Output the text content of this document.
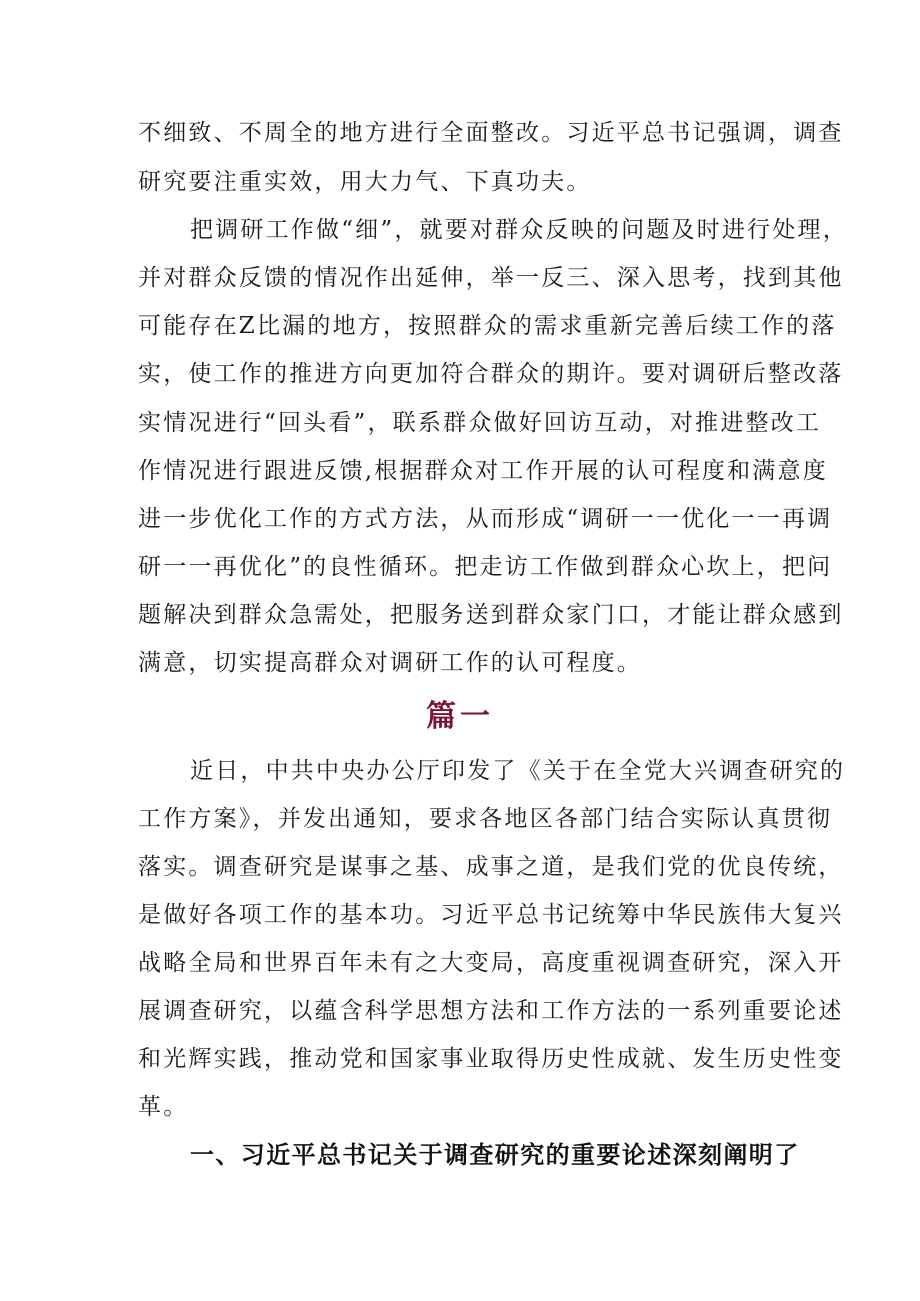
不细致、不周全的地方进行全面整改。习近平总书记强调，调查
研究要注重实效，用大力气、下真功夫。
把调研工作做“细”，就要对群众反映的问题及时进行处理，
并对群众反馈的情况作出延伸，举一反三、深入思考，找到其他
可能存在Z比漏的地方，按照群众的需求重新完善后续工作的落
实，使工作的推进方向更加符合群众的期许。要对调研后整改落
实情况进行“回头看”，联系群众做好回访互动，对推进整改工
作情况进行跟进反馈,根据群众对工作开展的认可程度和满意度
进一步优化工作的方式方法，从而形成“调研一一优化一一再调
研一一再优化”的良性循环。把走访工作做到群众心坎上，把问
题解决到群众急需处，把服务送到群众家门口，才能让群众感到
满意，切实提高群众对调研工作的认可程度。
篇一
近日，中共中央办公厅印发了《关于在全党大兴调查研究的
工作方案》，并发出通知，要求各地区各部门结合实际认真贯彻
落实。调查研究是谋事之基、成事之道，是我们党的优良传统，
是做好各项工作的基本功。习近平总书记统筹中华民族伟大复兴
战略全局和世界百年未有之大变局，高度重视调查研究，深入开
展调查研究，以蕴含科学思想方法和工作方法的一系列重要论述
和光辉实践，推动党和国家事业取得历史性成就、发生历史性变
革。
一、习近平总书记关于调查研究的重要论述深刻阐明了
